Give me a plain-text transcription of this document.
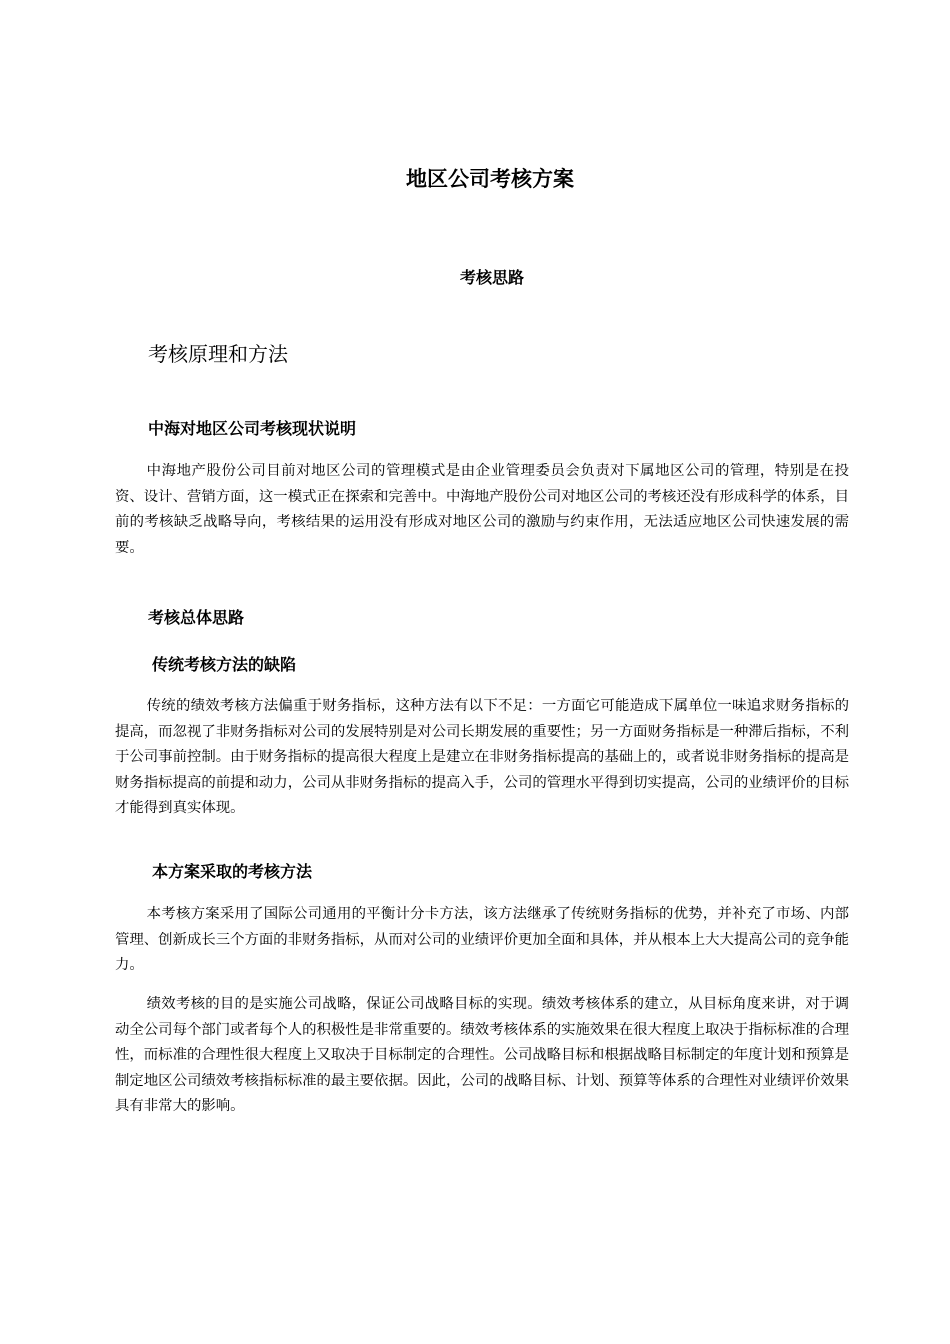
地区公司考核方案
考核思路
考核原理和方法
中海对地区公司考核现状说明

中海地产股份公司目前对地区公司的管理模式是由企业管理委员会负责对下属地区公司的管理，特别是在投资、设计、营销方面，这一模式正在探索和完善中。中海地产股份公司对地区公司的考核还没有形成科学的体系，目前的考核缺乏战略导向，考核结果的运用没有形成对地区公司的激励与约束作用，无法适应地区公司快速发展的需要。

考核总体思路
传统考核方法的缺陷

传统的绩效考核方法偏重于财务指标，这种方法有以下不足：一方面它可能造成下属单位一味追求财务指标的提高，而忽视了非财务指标对公司的发展特别是对公司长期发展的重要性；另一方面财务指标是一种滞后指标，不利于公司事前控制。由于财务指标的提高很大程度上是建立在非财务指标提高的基础上的，或者说非财务指标的提高是财务指标提高的前提和动力，公司从非财务指标的提高入手，公司的管理水平得到切实提高，公司的业绩评价的目标才能得到真实体现。

本方案采取的考核方法

本考核方案采用了国际公司通用的平衡计分卡方法，该方法继承了传统财务指标的优势，并补充了市场、内部管理、创新成长三个方面的非财务指标，从而对公司的业绩评价更加全面和具体，并从根本上大大提高公司的竞争能力。

绩效考核的目的是实施公司战略，保证公司战略目标的实现。绩效考核体系的建立，从目标角度来讲，对于调动全公司每个部门或者每个人的积极性是非常重要的。绩效考核体系的实施效果在很大程度上取决于指标标准的合理性，而标准的合理性很大程度上又取决于目标制定的合理性。公司战略目标和根据战略目标制定的年度计划和预算是制定地区公司绩效考核指标标准的最主要依据。因此，公司的战略目标、计划、预算等体系的合理性对业绩评价效果具有非常大的影响。
